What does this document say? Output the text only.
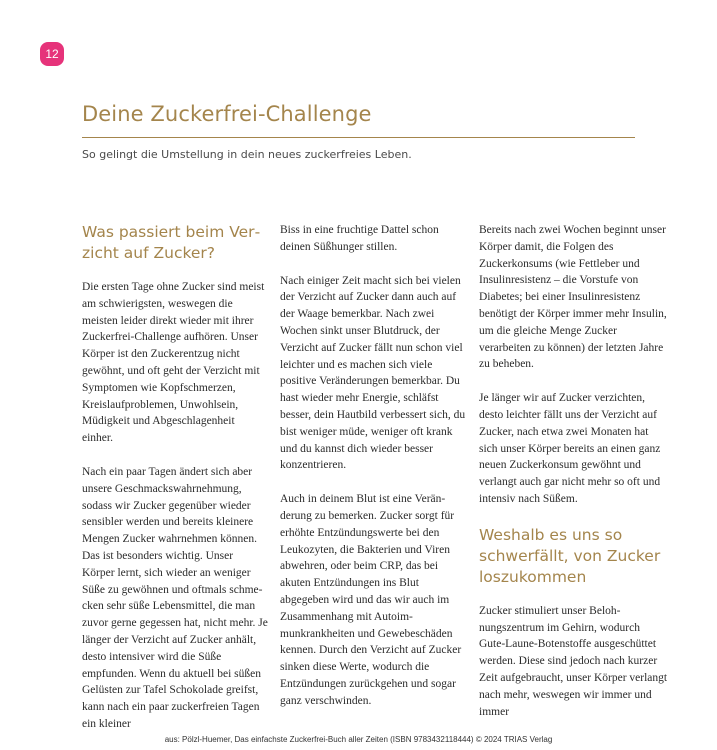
12
Deine Zuckerfrei-Challenge
So gelingt die Umstellung in dein neues zuckerfreies Leben.
Was passiert beim Verzicht auf Zucker?

Die ersten Tage ohne Zucker sind meist am schwierigsten, weswegen die meisten leider direkt wieder mit ihrer Zuckerfrei-Challenge aufhören. Unser Körper ist den Zuckerentzug nicht gewöhnt, und oft geht der Verzicht mit Symptomen wie Kopfschmerzen, Kreislaufproblemen, Unwohlsein, Müdigkeit und Abgeschlagenheit einher.

Nach ein paar Tagen ändert sich aber unsere Geschmackswahrnehmung, sodass wir Zucker gegenüber wieder sensibler werden und bereits kleinere Mengen Zucker wahrnehmen können. Das ist besonders wichtig. Unser Körper lernt, sich wieder an weniger Süße zu gewöhnen und oftmals schmecken sehr süße Lebensmittel, die man zuvor gerne gegessen hat, nicht mehr. Je länger der Verzicht auf Zucker anhält, desto intensiver wird die Süße empfunden. Wenn du aktuell bei süßen Gelüsten zur Tafel Schokolade greifst, kann nach ein paar zuckerfreien Tagen ein kleiner

Biss in eine fruchtige Dattel schon deinen Süßhunger stillen.

Nach einiger Zeit macht sich bei vielen der Verzicht auf Zucker dann auch auf der Waage bemerkbar. Nach zwei Wochen sinkt unser Blutdruck, der Verzicht auf Zucker fällt nun schon viel leichter und es machen sich viele positive Veränderungen bemerkbar. Du hast wieder mehr Energie, schläfst besser, dein Hautbild verbessert sich, du bist weniger müde, weniger oft krank und du kannst dich wieder besser konzentrieren.

Auch in deinem Blut ist eine Veränderung zu bemerken. Zucker sorgt für erhöhte Entzündungswerte bei den Leukozyten, die Bakterien und Viren abwehren, oder beim CRP, das bei akuten Entzündungen ins Blut abgegeben wird und das wir auch im Zusammenhang mit Autoimmunkrankheiten und Gewebeschäden kennen. Durch den Verzicht auf Zucker sinken diese Werte, wodurch die Entzündungen zurückgehen und sogar ganz verschwinden.

Bereits nach zwei Wochen beginnt unser Körper damit, die Folgen des Zuckerkonsums (wie Fettleber und Insulinresistenz – die Vorstufe von Diabetes; bei einer Insulinresistenz benötigt der Körper immer mehr Insulin, um die gleiche Menge Zucker verarbeiten zu können) der letzten Jahre zu beheben.

Je länger wir auf Zucker verzichten, desto leichter fällt uns der Verzicht auf Zucker, nach etwa zwei Monaten hat sich unser Körper bereits an einen ganz neuen Zuckerkonsum gewöhnt und verlangt auch gar nicht mehr so oft und intensiv nach Süßem.

Weshalb es uns so schwerfällt, von Zucker loszukommen

Zucker stimuliert unser Belohnungszentrum im Gehirn, wodurch Gute-Laune-Botenstoffe ausgeschüttet werden. Diese sind jedoch nach kurzer Zeit aufgebraucht, unser Körper verlangt nach mehr, weswegen wir immer und immer

aus: Pölzl-Huemer, Das einfachste Zuckerfrei-Buch aller Zeiten (ISBN 9783432118444) © 2024 TRIAS Verlag
